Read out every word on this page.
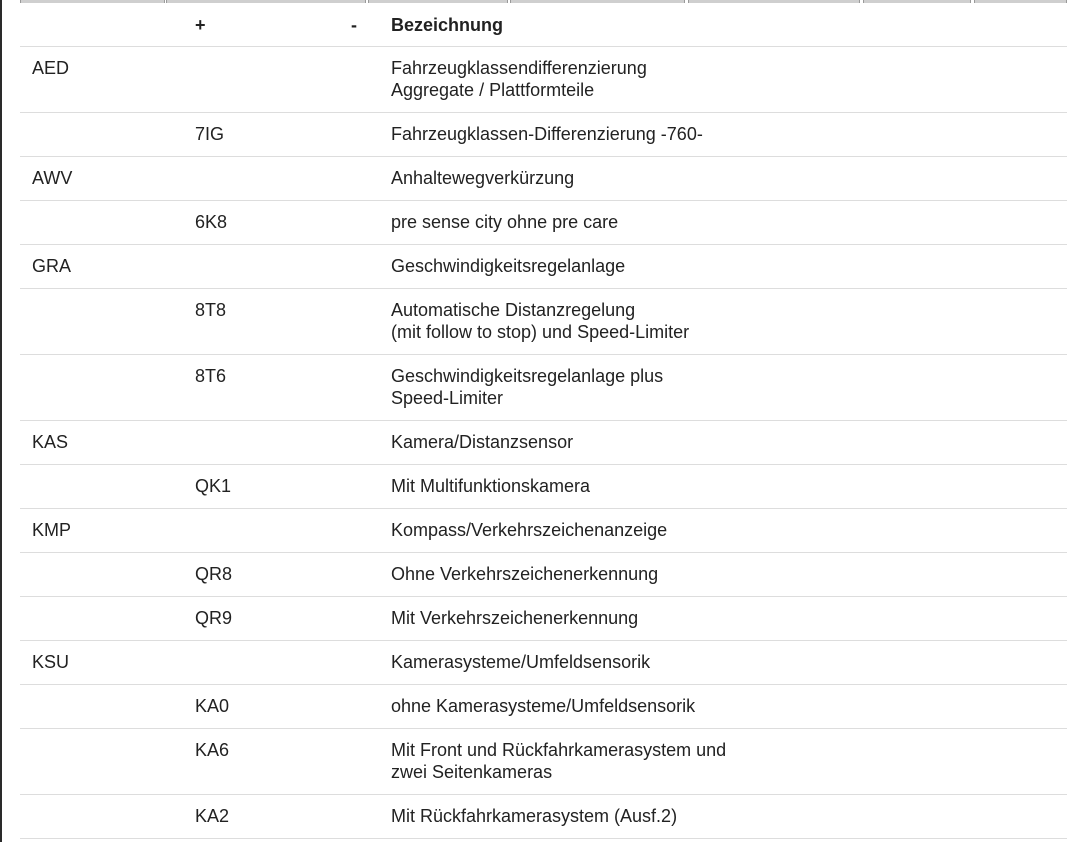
	+	-	Bezeichnung
AED			Fahrzeugklassendifferenzierung
Aggregate / Plattformteile

	7IG		Fahrzeugklassen-Differenzierung -760-

AWV			Anhaltewegverkürzung

	6K8		pre sense city ohne pre care

GRA			Geschwindigkeitsregelanlage

	8T8		Automatische Distanzregelung
(mit follow to stop) und Speed-Limiter

	8T6		Geschwindigkeitsregelanlage plus
Speed-Limiter

KAS			Kamera/Distanzsensor

	QK1		Mit Multifunktionskamera

KMP			Kompass/Verkehrszeichenanzeige

	QR8		Ohne Verkehrszeichenerkennung

	QR9		Mit Verkehrszeichenerkennung

KSU			Kamerasysteme/Umfeldsensorik

	KA0		ohne Kamerasysteme/Umfeldsensorik

	KA6		Mit Front und Rückfahrkamerasystem und
zwei Seitenkameras

	KA2		Mit Rückfahrkamerasystem (Ausf.2)
